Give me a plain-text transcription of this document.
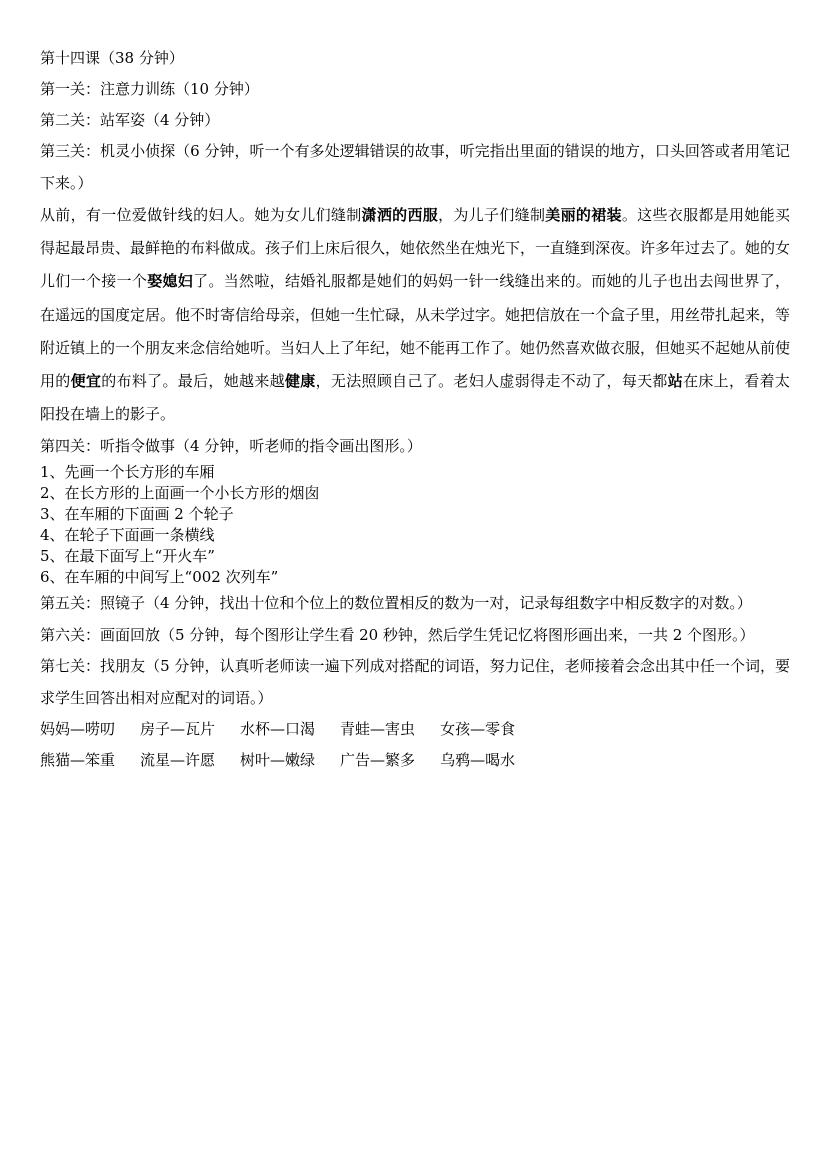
第十四课（38 分钟）
第一关：注意力训练（10 分钟）
第二关：站军姿（4 分钟）
第三关：机灵小侦探（6 分钟，听一个有多处逻辑错误的故事，听完指出里面的错误的地方，口头回答或者用笔记下来。）
从前，有一位爱做针线的妇人。她为女儿们缝制潇洒的西服，为儿子们缝制美丽的裙装。这些衣服都是用她能买得起最昂贵、最鲜艳的布料做成。孩子们上床后很久，她依然坐在烛光下，一直缝到深夜。许多年过去了。她的女儿们一个接一个娶媳妇了。当然啦，结婚礼服都是她们的妈妈一针一线缝出来的。而她的儿子也出去闯世界了，在遥远的国度定居。他不时寄信给母亲，但她一生忙碌，从未学过字。她把信放在一个盒子里，用丝带扎起来，等附近镇上的一个朋友来念信给她听。当妇人上了年纪，她不能再工作了。她仍然喜欢做衣服，但她买不起她从前使用的便宜的布料了。最后，她越来越健康，无法照顾自己了。老妇人虚弱得走不动了，每天都站在床上，看着太阳投在墙上的影子。
第四关：听指令做事（4 分钟，听老师的指令画出图形。）
1、先画一个长方形的车厢
2、在长方形的上面画一个小长方形的烟囱
3、在车厢的下面画 2 个轮子
4、在轮子下面画一条横线
5、在最下面写上“开火车”
6、在车厢的中间写上“002 次列车”
第五关：照镜子（4 分钟，找出十位和个位上的数位置相反的数为一对，记录每组数字中相反数字的对数。）
第六关：画面回放（5 分钟，每个图形让学生看 20 秒钟，然后学生凭记忆将图形画出来，一共 2 个图形。）
第七关：找朋友（5 分钟，认真听老师读一遍下列成对搭配的词语，努力记住，老师接着会念出其中任一个词，要求学生回答出相对应配对的词语。）
妈妈—唠叨 房子—瓦片 水杯—口渴 青蛙—害虫 女孩—零食
熊猫—笨重 流星—许愿 树叶—嫩绿 广告—繁多 乌鸦—喝水
